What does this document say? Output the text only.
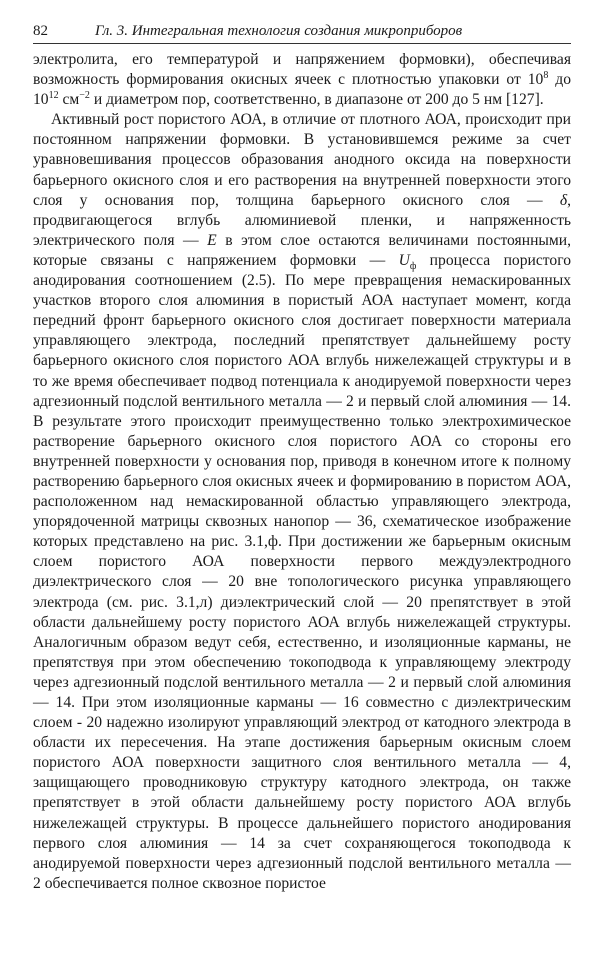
82	Гл. 3. Интегральная технология создания микроприборов

электролита, его температурой и напряжением формовки), обеспечивая возможность формирования окисных ячеек с плотностью упаковки от $10^8$ до $10^{12}$ $см^{-2}$ и диаметром пор, соответственно, в диапазоне от 200 до 5 нм [127].

Активный рост пористого АОА, в отличие от плотного АОА, происходит при постоянном напряжении формовки. В установившемся режиме за счет уравновешивания процессов образования анодного оксида на поверхности барьерного окисного слоя и его растворения на внутренней поверхности этого слоя у основания пор, толщина барьерного окисного слоя — δ, продвигающегося вглубь алюминиевой пленки, и напряженность электрического поля — E в этом слое остаются величинами постоянными, которые связаны с напряжением формовки — $U_ф$ процесса пористого анодирования соотношением (2.5). По мере превращения немаскированных участков второго слоя алюминия в пористый АОА наступает момент, когда передний фронт барьерного окисного слоя достигает поверхности материала управляющего электрода, последний препятствует дальнейшему росту барьерного окисного слоя пористого АОА вглубь нижележащей структуры и в то же время обеспечивает подвод потенциала к анодируемой поверхности через адгезионный подслой вентильного металла — 2 и первый слой алюминия — 14. В результате этого происходит преимущественно только электрохимическое растворение барьерного окисного слоя пористого АОА со стороны его внутренней поверхности у основания пор, приводя в конечном итоге к полному растворению барьерного слоя окисных ячеек и формированию в пористом АОА, расположенном над немаскированной областью управляющего электрода, упорядоченной матрицы сквозных нанопор — 36, схематическое изображение которых представлено на рис. 3.1,ф. При достижении же барьерным окисным слоем пористого АОА поверхности первого междуэлектродного диэлектрического слоя — 20 вне топологического рисунка управляющего электрода (см. рис. 3.1,л) диэлектрический слой — 20 препятствует в этой области дальнейшему росту пористого АОА вглубь нижележащей структуры. Аналогичным образом ведут себя, естественно, и изоляционные карманы, не препятствуя при этом обеспечению токоподвода к управляющему электроду через адгезионный подслой вентильного металла — 2 и первый слой алюминия — 14. При этом изоляционные карманы — 16 совместно с диэлектрическим слоем - 20 надежно изолируют управляющий электрод от катодного электрода в области их пересечения. На этапе достижения барьерным окисным слоем пористого АОА поверхности защитного слоя вентильного металла — 4, защищающего проводниковую структуру катодного электрода, он также препятствует в этой области дальнейшему росту пористого АОА вглубь нижележащей структуры. В процессе дальнейшего пористого анодирования первого слоя алюминия — 14 за счет сохраняющегося токоподвода к анодируемой поверхности через адгезионный подслой вентильного металла — 2 обеспечивается полное сквозное пористое
